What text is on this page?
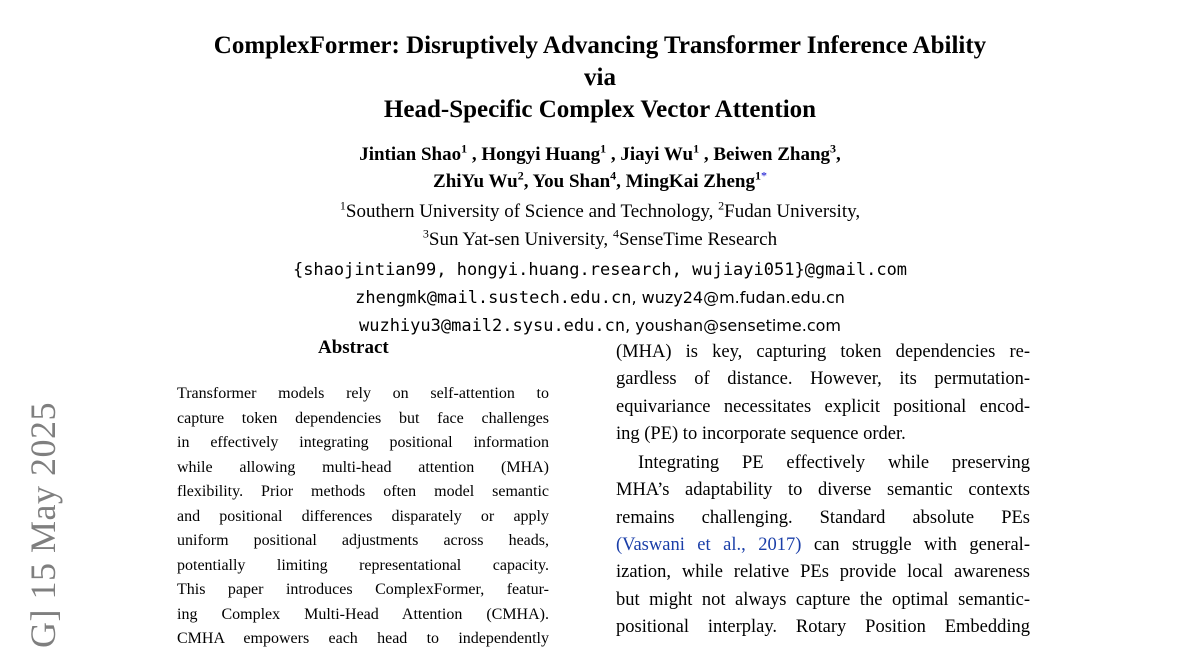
G] 15 May 2025
ComplexFormer: Disruptively Advancing Transformer Inference Ability
via
Head-Specific Complex Vector Attention
Jintian Shao$^1$ , Hongyi Huang$^1$ , Jiayi Wu$^1$ , Beiwen Zhang$^3$,
ZhiYu Wu$^2$, You Shan$^4$, MingKai Zheng$^{1*}$
$^1$Southern University of Science and Technology, $^2$Fudan University,
$^3$Sun Yat-sen University, $^4$SenseTime Research
{shaojintian99, hongyi.huang.research, wujiayi051}@gmail.com
zhengmk@mail.sustech.edu.cn, wuzy24@m.fudan.edu.cn
wuzhiyu3@mail2.sysu.edu.cn, youshan@sensetime.com
Abstract
Transformer models rely on self-attention to
capture token dependencies but face challenges
in effectively integrating positional information
while allowing multi-head attention (MHA)
flexibility. Prior methods often model semantic
and positional differences disparately or apply
uniform positional adjustments across heads,
potentially limiting representational capacity.
This paper introduces ComplexFormer, featur-
ing Complex Multi-Head Attention (CMHA).
CMHA empowers each head to independently
(MHA) is key, capturing token dependencies re-
gardless of distance. However, its permutation-
equivariance necessitates explicit positional encod-
ing (PE) to incorporate sequence order.
Integrating PE effectively while preserving
MHA’s adaptability to diverse semantic contexts
remains challenging. Standard absolute PEs
(Vaswani et al., 2017) can struggle with general-
ization, while relative PEs provide local awareness
but might not always capture the optimal semantic-
positional interplay. Rotary Position Embedding
